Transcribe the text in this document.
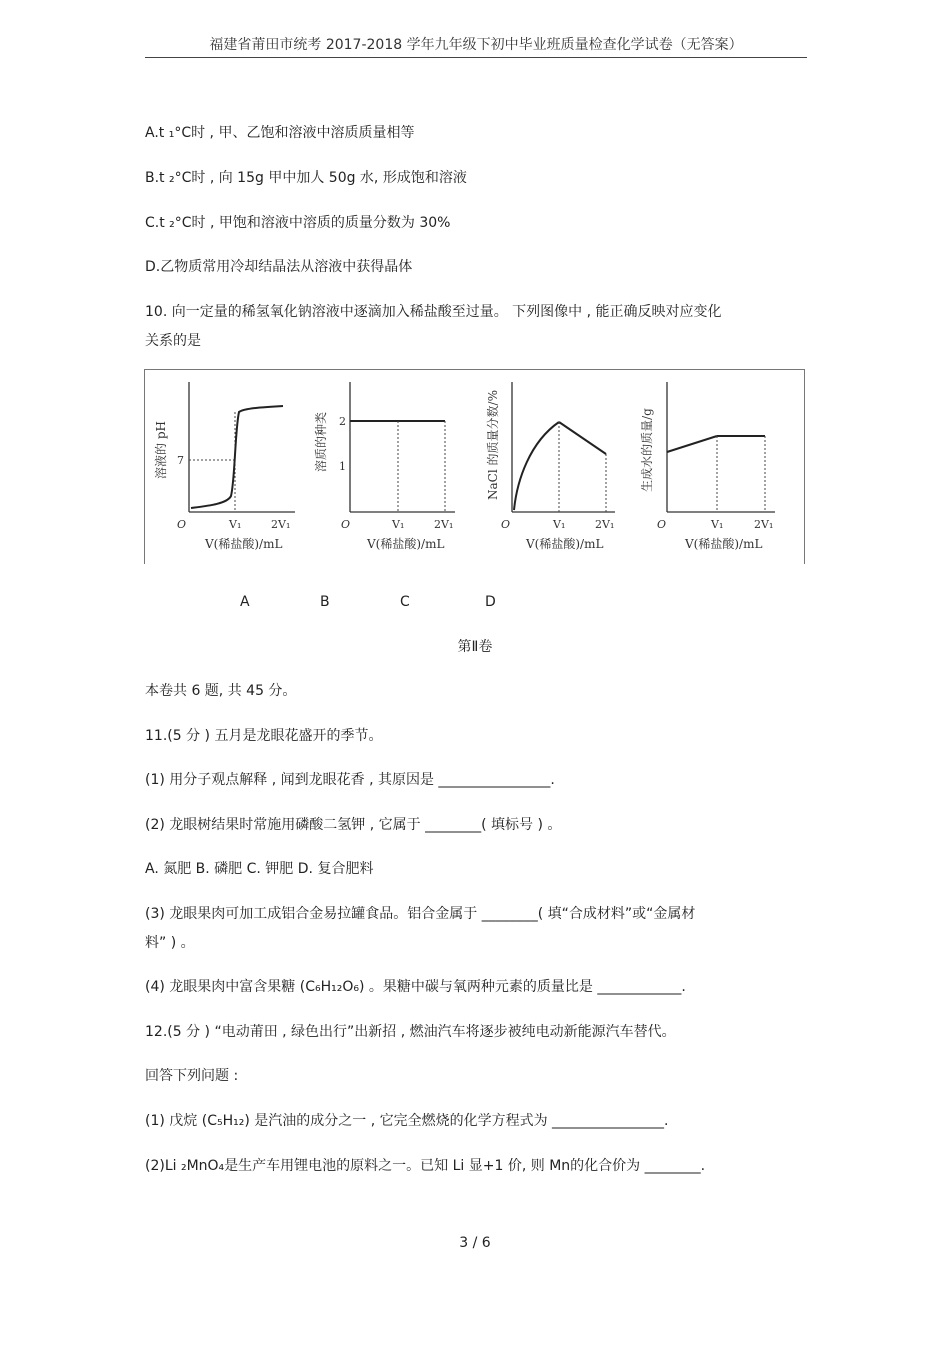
福建省莆田市统考 2017-2018 学年九年级下初中毕业班质量检查化学试卷（无答案）
A.t ₁°C时 , 甲、乙饱和溶液中溶质质量相等
B.t ₂°C时 , 向 15g 甲中加人 50g 水, 形成饱和溶液
C.t ₂°C时 , 甲饱和溶液中溶质的质量分数为 30%
D.乙物质常用冷却结晶法从溶液中获得晶体
10. 向一定量的稀氢氧化钠溶液中逐滴加入稀盐酸至过量。 下列图像中 , 能正确反映对应变化
关系的是
溶液的 pH 7
O	V₁	2V₁
V(稀盐酸)/mL
溶质的种类 2
1
O	V₁	2V₁
V(稀盐酸)/mL
NaCl 的质量分数/%
O	V₁	2V₁
V(稀盐酸)/mL
生成水的质量/g
O	V₁	2V₁
V(稀盐酸)/mL
A	B	C	D
第Ⅱ卷
本卷共 6 题, 共 45 分。
11.(5 分 ) 五月是龙眼花盛开的季节。
(1) 用分子观点解释 , 闻到龙眼花香 , 其原因是 ________________.
(2) 龙眼树结果时常施用磷酸二氢钾 , 它属于 ________( 填标号 ) 。
A. 氮肥 B. 磷肥 C. 钾肥 D. 复合肥料
(3) 龙眼果肉可加工成铝合金易拉罐食品。铝合金属于 ________( 填“合成材料”或“金属材
料” ) 。
(4) 龙眼果肉中富含果糖 (C₆H₁₂O₆) 。果糖中碳与氧两种元素的质量比是 ____________.
12.(5 分 ) “电动莆田 , 绿色出行”出新招 , 燃油汽车将逐步被纯电动新能源汽车替代。
回答下列问题 :
(1) 戊烷 (C₅H₁₂) 是汽油的成分之一 , 它完全燃烧的化学方程式为 ________________.
(2)Li ₂MnO₄是生产车用锂电池的原料之一。已知 Li 显+1 价, 则 Mn的化合价为 ________.
3 / 6
